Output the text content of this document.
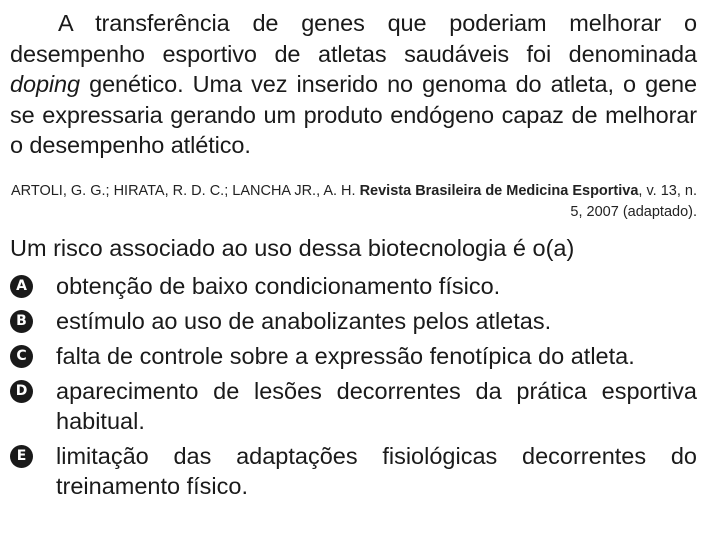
A transferência de genes que poderiam melhorar o desempenho esportivo de atletas saudáveis foi denominada doping genético. Uma vez inserido no genoma do atleta, o gene se expressaria gerando um produto endógeno capaz de melhorar o desempenho atlético.

ARTOLI, G. G.; HIRATA, R. D. C.; LANCHA JR., A. H. Revista Brasileira de Medicina Esportiva, v. 13, n. 5, 2007 (adaptado).

Um risco associado ao uso dessa biotecnologia é o(a)

A obtenção de baixo condicionamento físico.
B estímulo ao uso de anabolizantes pelos atletas.
C falta de controle sobre a expressão fenotípica do atleta.
D aparecimento de lesões decorrentes da prática esportiva habitual.
E limitação das adaptações fisiológicas decorrentes do treinamento físico.
